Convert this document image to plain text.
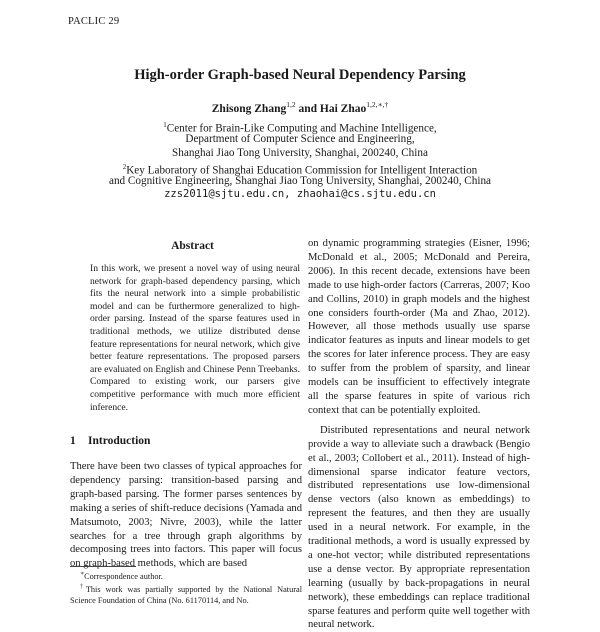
PACLIC 29
High-order Graph-based Neural Dependency Parsing
Zhisong Zhang$^{1,2}$ and Hai Zhao$^{1,2,∗,\dagger}$
$^1$Center for Brain-Like Computing and Machine Intelligence,
Department of Computer Science and Engineering,
Shanghai Jiao Tong University, Shanghai, 200240, China
$^2$Key Laboratory of Shanghai Education Commission for Intelligent Interaction
and Cognitive Engineering, Shanghai Jiao Tong University, Shanghai, 200240, China
zzs2011@sjtu.edu.cn, zhaohai@cs.sjtu.edu.cn
Abstract
In this work, we present a novel way of using neural network for graph-based dependency parsing, which fits the neural network into a simple probabilistic model and can be furthermore generalized to high-order parsing. Instead of the sparse features used in traditional methods, we utilize distributed dense feature representations for neural network, which give better feature representations. The proposed parsers are evaluated on English and Chinese Penn Treebanks. Compared to existing work, our parsers give competitive performance with much more efficient inference.
1 Introduction
There have been two classes of typical approaches for dependency parsing: transition-based parsing and graph-based parsing. The former parses sentences by making a series of shift-reduce decisions (Yamada and Matsumoto, 2003; Nivre, 2003), while the latter searches for a tree through graph algorithms by decomposing trees into factors. This paper will focus on graph-based methods, which are based

∗Correspondence author.

†This work was partially supported by the National Natural Science Foundation of China (No. 61170114, and No.

on dynamic programming strategies (Eisner, 1996; McDonald et al., 2005; McDonald and Pereira, 2006). In this recent decade, extensions have been made to use high-order factors (Carreras, 2007; Koo and Collins, 2010) in graph models and the highest one considers fourth-order (Ma and Zhao, 2012). However, all those methods usually use sparse indicator features as inputs and linear models to get the scores for later inference process. They are easy to suffer from the problem of sparsity, and linear models can be insufficient to effectively integrate all the sparse features in spite of various rich context that can be potentially exploited.

Distributed representations and neural network provide a way to alleviate such a drawback (Bengio et al., 2003; Collobert et al., 2011). Instead of high-dimensional sparse indicator feature vectors, distributed representations use low-dimensional dense vectors (also known as embeddings) to represent the features, and then they are usually used in a neural network. For example, in the traditional methods, a word is usually expressed by a one-hot vector; while distributed representations use a dense vector. By appropriate representation learning (usually by back-propagations in neural network), these embeddings can replace traditional sparse features and perform quite well together with neural network.
